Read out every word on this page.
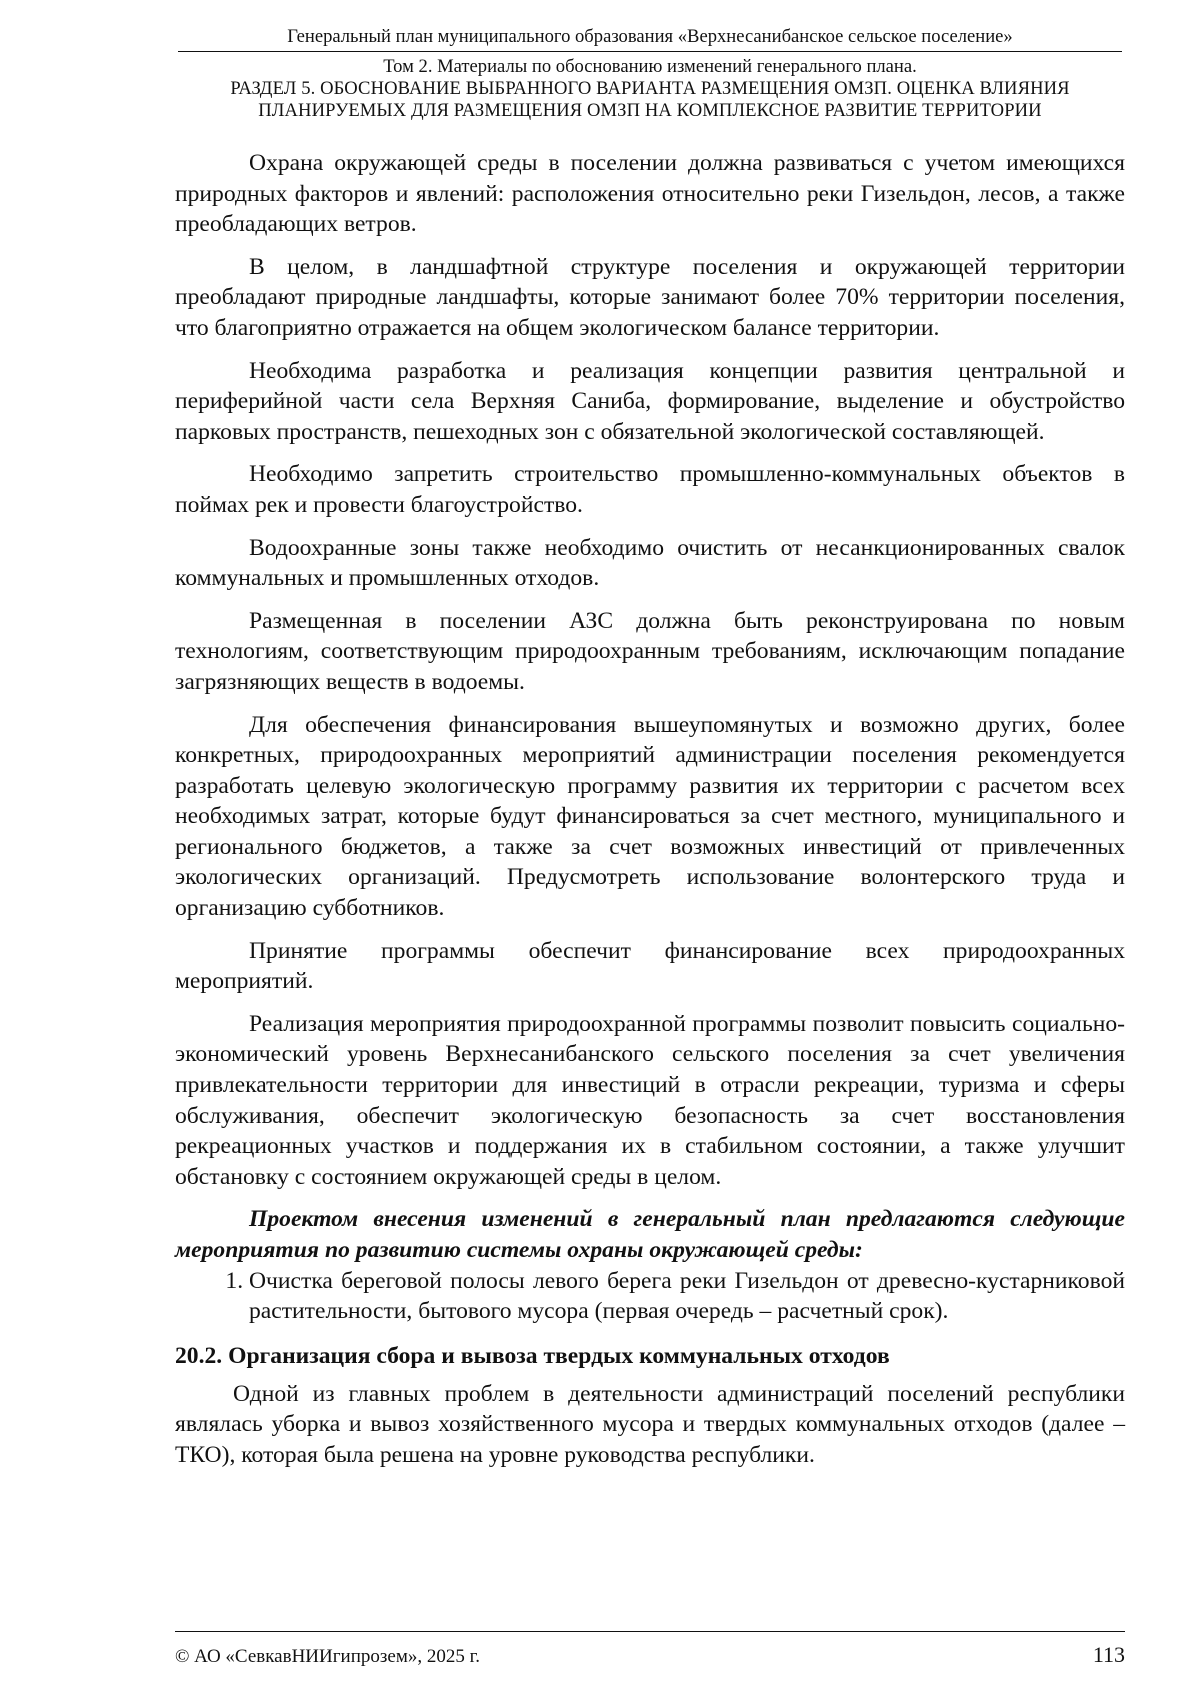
Генеральный план муниципального образования «Верхнесанибанское сельское поселение»
Том 2. Материалы по обоснованию изменений генерального плана.
РАЗДЕЛ 5. ОБОСНОВАНИЕ ВЫБРАННОГО ВАРИАНТА РАЗМЕЩЕНИЯ ОМЗП. ОЦЕНКА ВЛИЯНИЯ
ПЛАНИРУЕМЫХ ДЛЯ РАЗМЕЩЕНИЯ ОМЗП НА КОМПЛЕКСНОЕ РАЗВИТИЕ ТЕРРИТОРИИ

Охрана окружающей среды в поселении должна развиваться с учетом имеющихся природных факторов и явлений: расположения относительно реки Гизельдон, лесов, а также преобладающих ветров.

В целом, в ландшафтной структуре поселения и окружающей территории преобладают природные ландшафты, которые занимают более 70% территории поселения, что благоприятно отражается на общем экологическом балансе территории.

Необходима разработка и реализация концепции развития центральной и периферийной части села Верхняя Саниба, формирование, выделение и обустройство парковых пространств, пешеходных зон с обязательной экологической составляющей.

Необходимо запретить строительство промышленно-коммунальных объектов в поймах рек и провести благоустройство.

Водоохранные зоны также необходимо очистить от несанкционированных свалок коммунальных и промышленных отходов.

Размещенная в поселении АЗС должна быть реконструирована по новым технологиям, соответствующим природоохранным требованиям, исключающим попадание загрязняющих веществ в водоемы.

Для обеспечения финансирования вышеупомянутых и возможно других, более конкретных, природоохранных мероприятий администрации поселения рекомендуется разработать целевую экологическую программу развития их территории с расчетом всех необходимых затрат, которые будут финансироваться за счет местного, муниципального и регионального бюджетов, а также за счет возможных инвестиций от привлеченных экологических организаций. Предусмотреть использование волонтерского труда и организацию субботников.

Принятие программы обеспечит финансирование всех природоохранных мероприятий.

Реализация мероприятия природоохранной программы позволит повысить социально-экономический уровень Верхнесанибанского сельского поселения за счет увеличения привлекательности территории для инвестиций в отрасли рекреации, туризма и сферы обслуживания, обеспечит экологическую безопасность за счет восстановления рекреационных участков и поддержания их в стабильном состоянии, а также улучшит обстановку с состоянием окружающей среды в целом.

Проектом внесения изменений в генеральный план предлагаются следующие мероприятия по развитию системы охраны окружающей среды:

1. Очистка береговой полосы левого берега реки Гизельдон от древесно-кустарниковой растительности, бытового мусора (первая очередь – расчетный срок).
20.2. Организация сбора и вывоза твердых коммунальных отходов

Одной из главных проблем в деятельности администраций поселений республики являлась уборка и вывоз хозяйственного мусора и твердых коммунальных отходов (далее – ТКО), которая была решена на уровне руководства республики.

© АО «СевкавНИИгипрозем», 2025 г.	113
